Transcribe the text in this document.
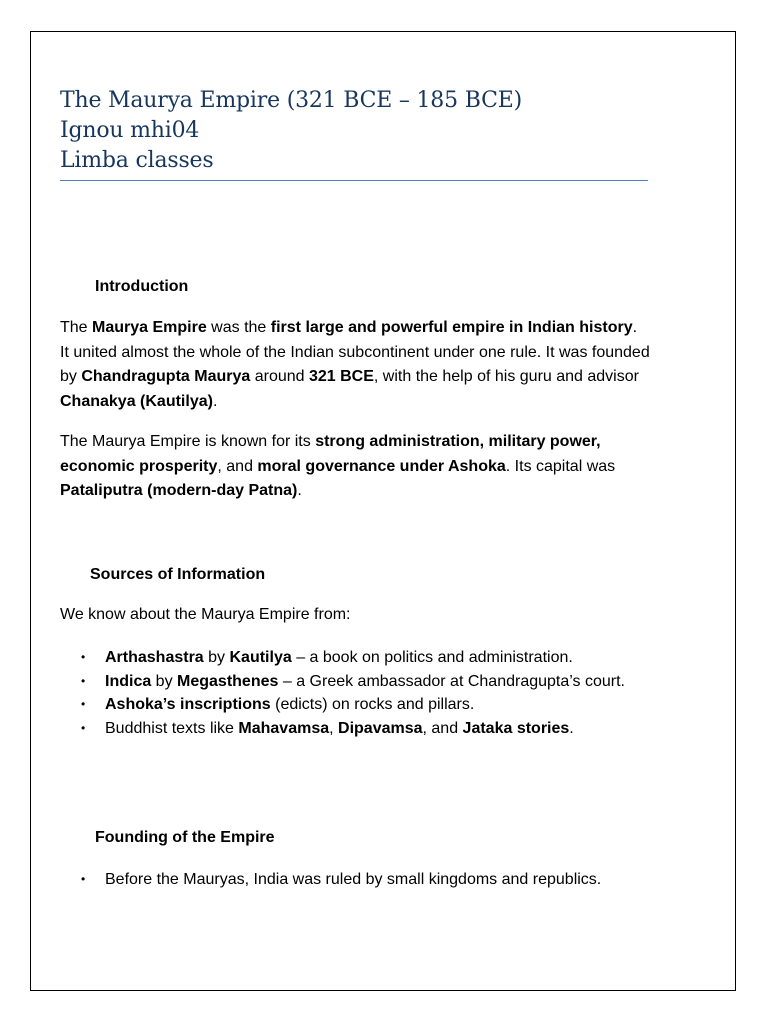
The Maurya Empire (321 BCE – 185 BCE)
Ignou mhi04
Limba classes
Introduction
The Maurya Empire was the first large and powerful empire in Indian history. It united almost the whole of the Indian subcontinent under one rule. It was founded by Chandragupta Maurya around 321 BCE, with the help of his guru and advisor Chanakya (Kautilya).
The Maurya Empire is known for its strong administration, military power, economic prosperity, and moral governance under Ashoka. Its capital was Pataliputra (modern-day Patna).
Sources of Information
We know about the Maurya Empire from:
• Arthashastra by Kautilya – a book on politics and administration.
• Indica by Megasthenes – a Greek ambassador at Chandragupta’s court.
• Ashoka’s inscriptions (edicts) on rocks and pillars.
• Buddhist texts like Mahavamsa, Dipavamsa, and Jataka stories.
Founding of the Empire
• Before the Mauryas, India was ruled by small kingdoms and republics.
